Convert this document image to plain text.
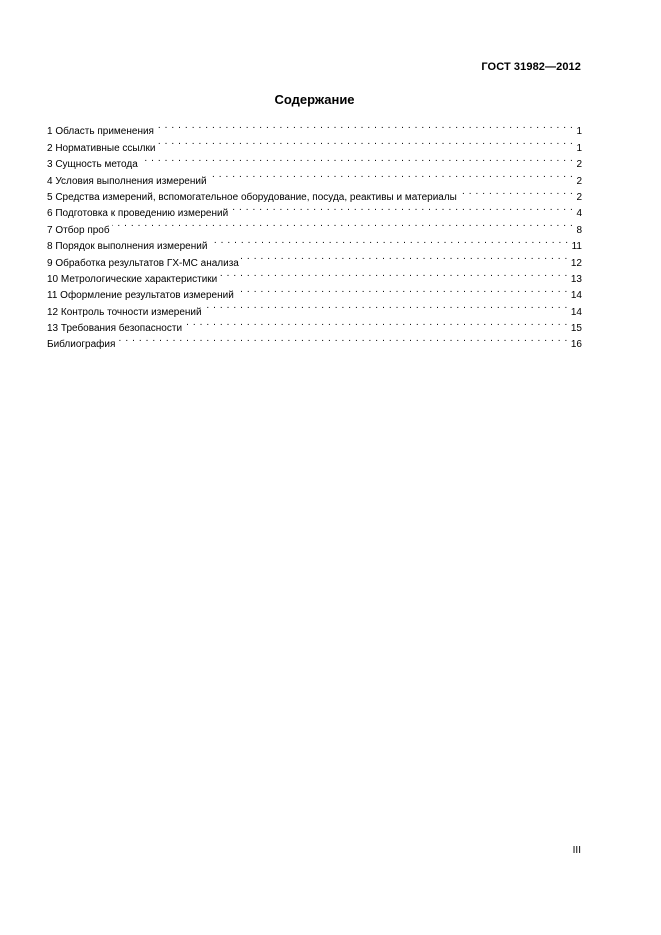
ГОСТ 31982—2012
Содержание
1 Область применения . . .	1
2 Нормативные ссылки . . .	1
3 Сущность метода . . .	2
4 Условия выполнения измерений . . .	2
5 Средства измерений, вспомогательное оборудование, посуда, реактивы и материалы . . .	2
6 Подготовка к проведению измерений . . .	4
7 Отбор проб . . .	8
8 Порядок выполнения измерений . . .	11
9 Обработка результатов ГХ-МС анализа . . .	12
10 Метрологические характеристики . . .	13
11 Оформление результатов измерений . . .	14
12 Контроль точности измерений . . .	14
13 Требования безопасности . . .	15
Библиография . . .	16
III
